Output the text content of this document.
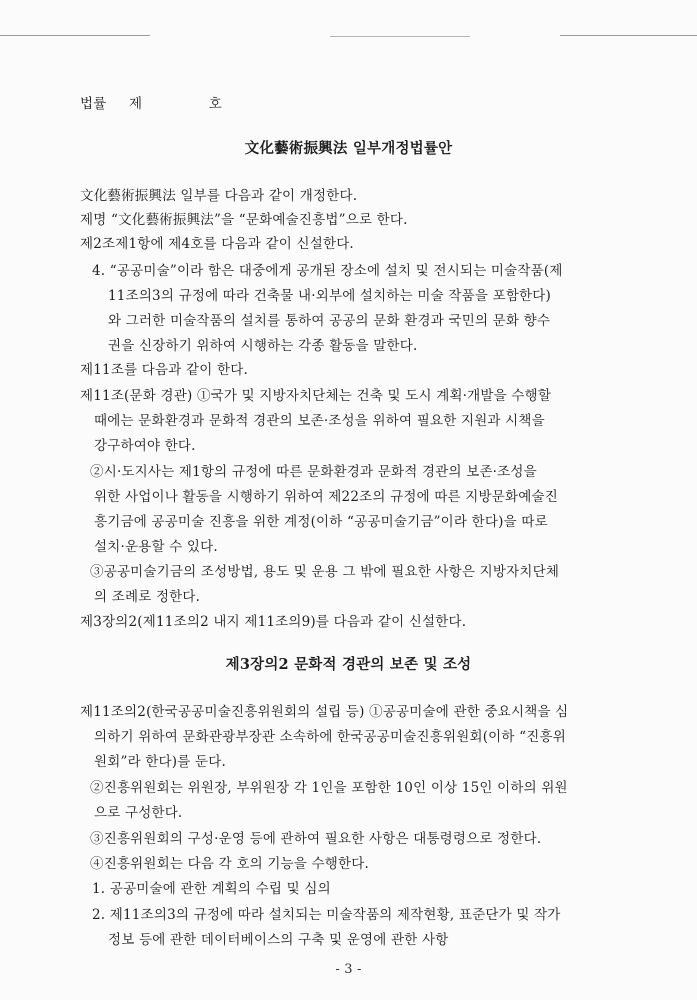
법률 제	호
文化藝術振興法 일부개정법률안
文化藝術振興法 일부를 다음과 같이 개정한다.
제명 “文化藝術振興法”을 “문화예술진흥법”으로 한다.
제2조제1항에 제4호를 다음과 같이 신설한다.
4. “공공미술”이라 함은 대중에게 공개된 장소에 설치 및 전시되는 미술작품(제
11조의3의 규정에 따라 건축물 내·외부에 설치하는 미술 작품을 포함한다)
와 그러한 미술작품의 설치를 통하여 공공의 문화 환경과 국민의 문화 향수
권을 신장하기 위하여 시행하는 각종 활동을 말한다.
제11조를 다음과 같이 한다.
제11조(문화 경관) ①국가 및 지방자치단체는 건축 및 도시 계획·개발을 수행할
때에는 문화환경과 문화적 경관의 보존·조성을 위하여 필요한 지원과 시책을
강구하여야 한다.
②시·도지사는 제1항의 규정에 따른 문화환경과 문화적 경관의 보존·조성을
위한 사업이나 활동을 시행하기 위하여 제22조의 규정에 따른 지방문화예술진
흥기금에 공공미술 진흥을 위한 계정(이하 “공공미술기금”이라 한다)을 따로
설치·운용할 수 있다.
③공공미술기금의 조성방법, 용도 및 운용 그 밖에 필요한 사항은 지방자치단체
의 조례로 정한다.
제3장의2(제11조의2 내지 제11조의9)를 다음과 같이 신설한다.
제3장의2 문화적 경관의 보존 및 조성
제11조의2(한국공공미술진흥위원회의 설립 등) ①공공미술에 관한 중요시책을 심
의하기 위하여 문화관광부장관 소속하에 한국공공미술진흥위원회(이하 “진흥위
원회”라 한다)를 둔다.
②진흥위원회는 위원장, 부위원장 각 1인을 포함한 10인 이상 15인 이하의 위원
으로 구성한다.
③진흥위원회의 구성·운영 등에 관하여 필요한 사항은 대통령령으로 정한다.
④진흥위원회는 다음 각 호의 기능을 수행한다.
1. 공공미술에 관한 계획의 수립 및 심의
2. 제11조의3의 규정에 따라 설치되는 미술작품의 제작현황, 표준단가 및 작가
정보 등에 관한 데이터베이스의 구축 및 운영에 관한 사항
- 3 -
